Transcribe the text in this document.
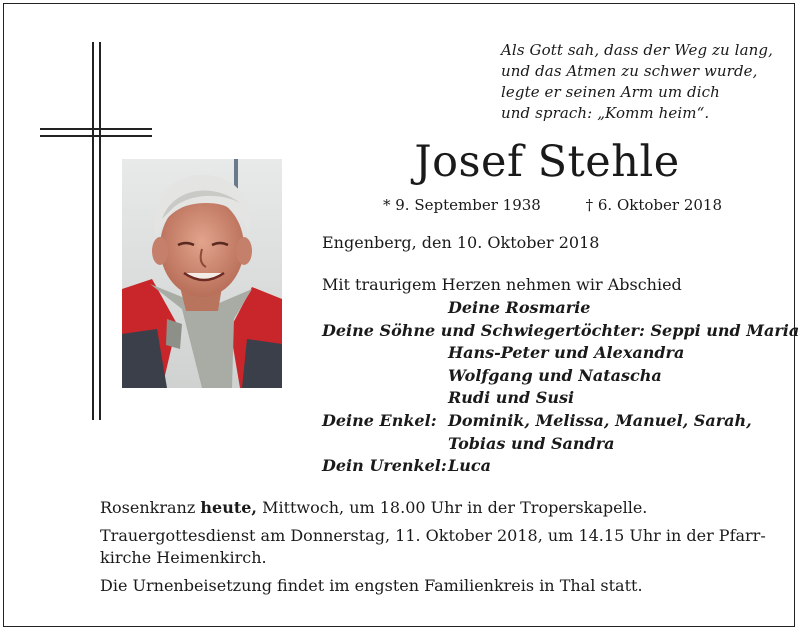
Als Gott sah, dass der Weg zu lang,
und das Atmen zu schwer wurde,
legte er seinen Arm um dich
und sprach: „Komm heim“.
Josef Stehle
* 9. September 1938	† 6. Oktober 2018
Engenberg, den 10. Oktober 2018
Mit traurigem Herzen nehmen wir Abschied
Deine Rosmarie
Deine Söhne und Schwiegertöchter:
Seppi und Maria
Hans-Peter und Alexandra
Wolfgang und Natascha
Rudi und Susi
Deine Enkel: Dominik, Melissa, Manuel, Sarah,
Tobias und Sandra
Dein Urenkel: Luca

Rosenkranz heute, Mittwoch, um 18.00 Uhr in der Troperskapelle.

Trauergottesdienst am Donnerstag, 11. Oktober 2018, um 14.15 Uhr in der Pfarr-
kirche Heimenkirch.

Die Urnenbeisetzung findet im engsten Familienkreis in Thal statt.
